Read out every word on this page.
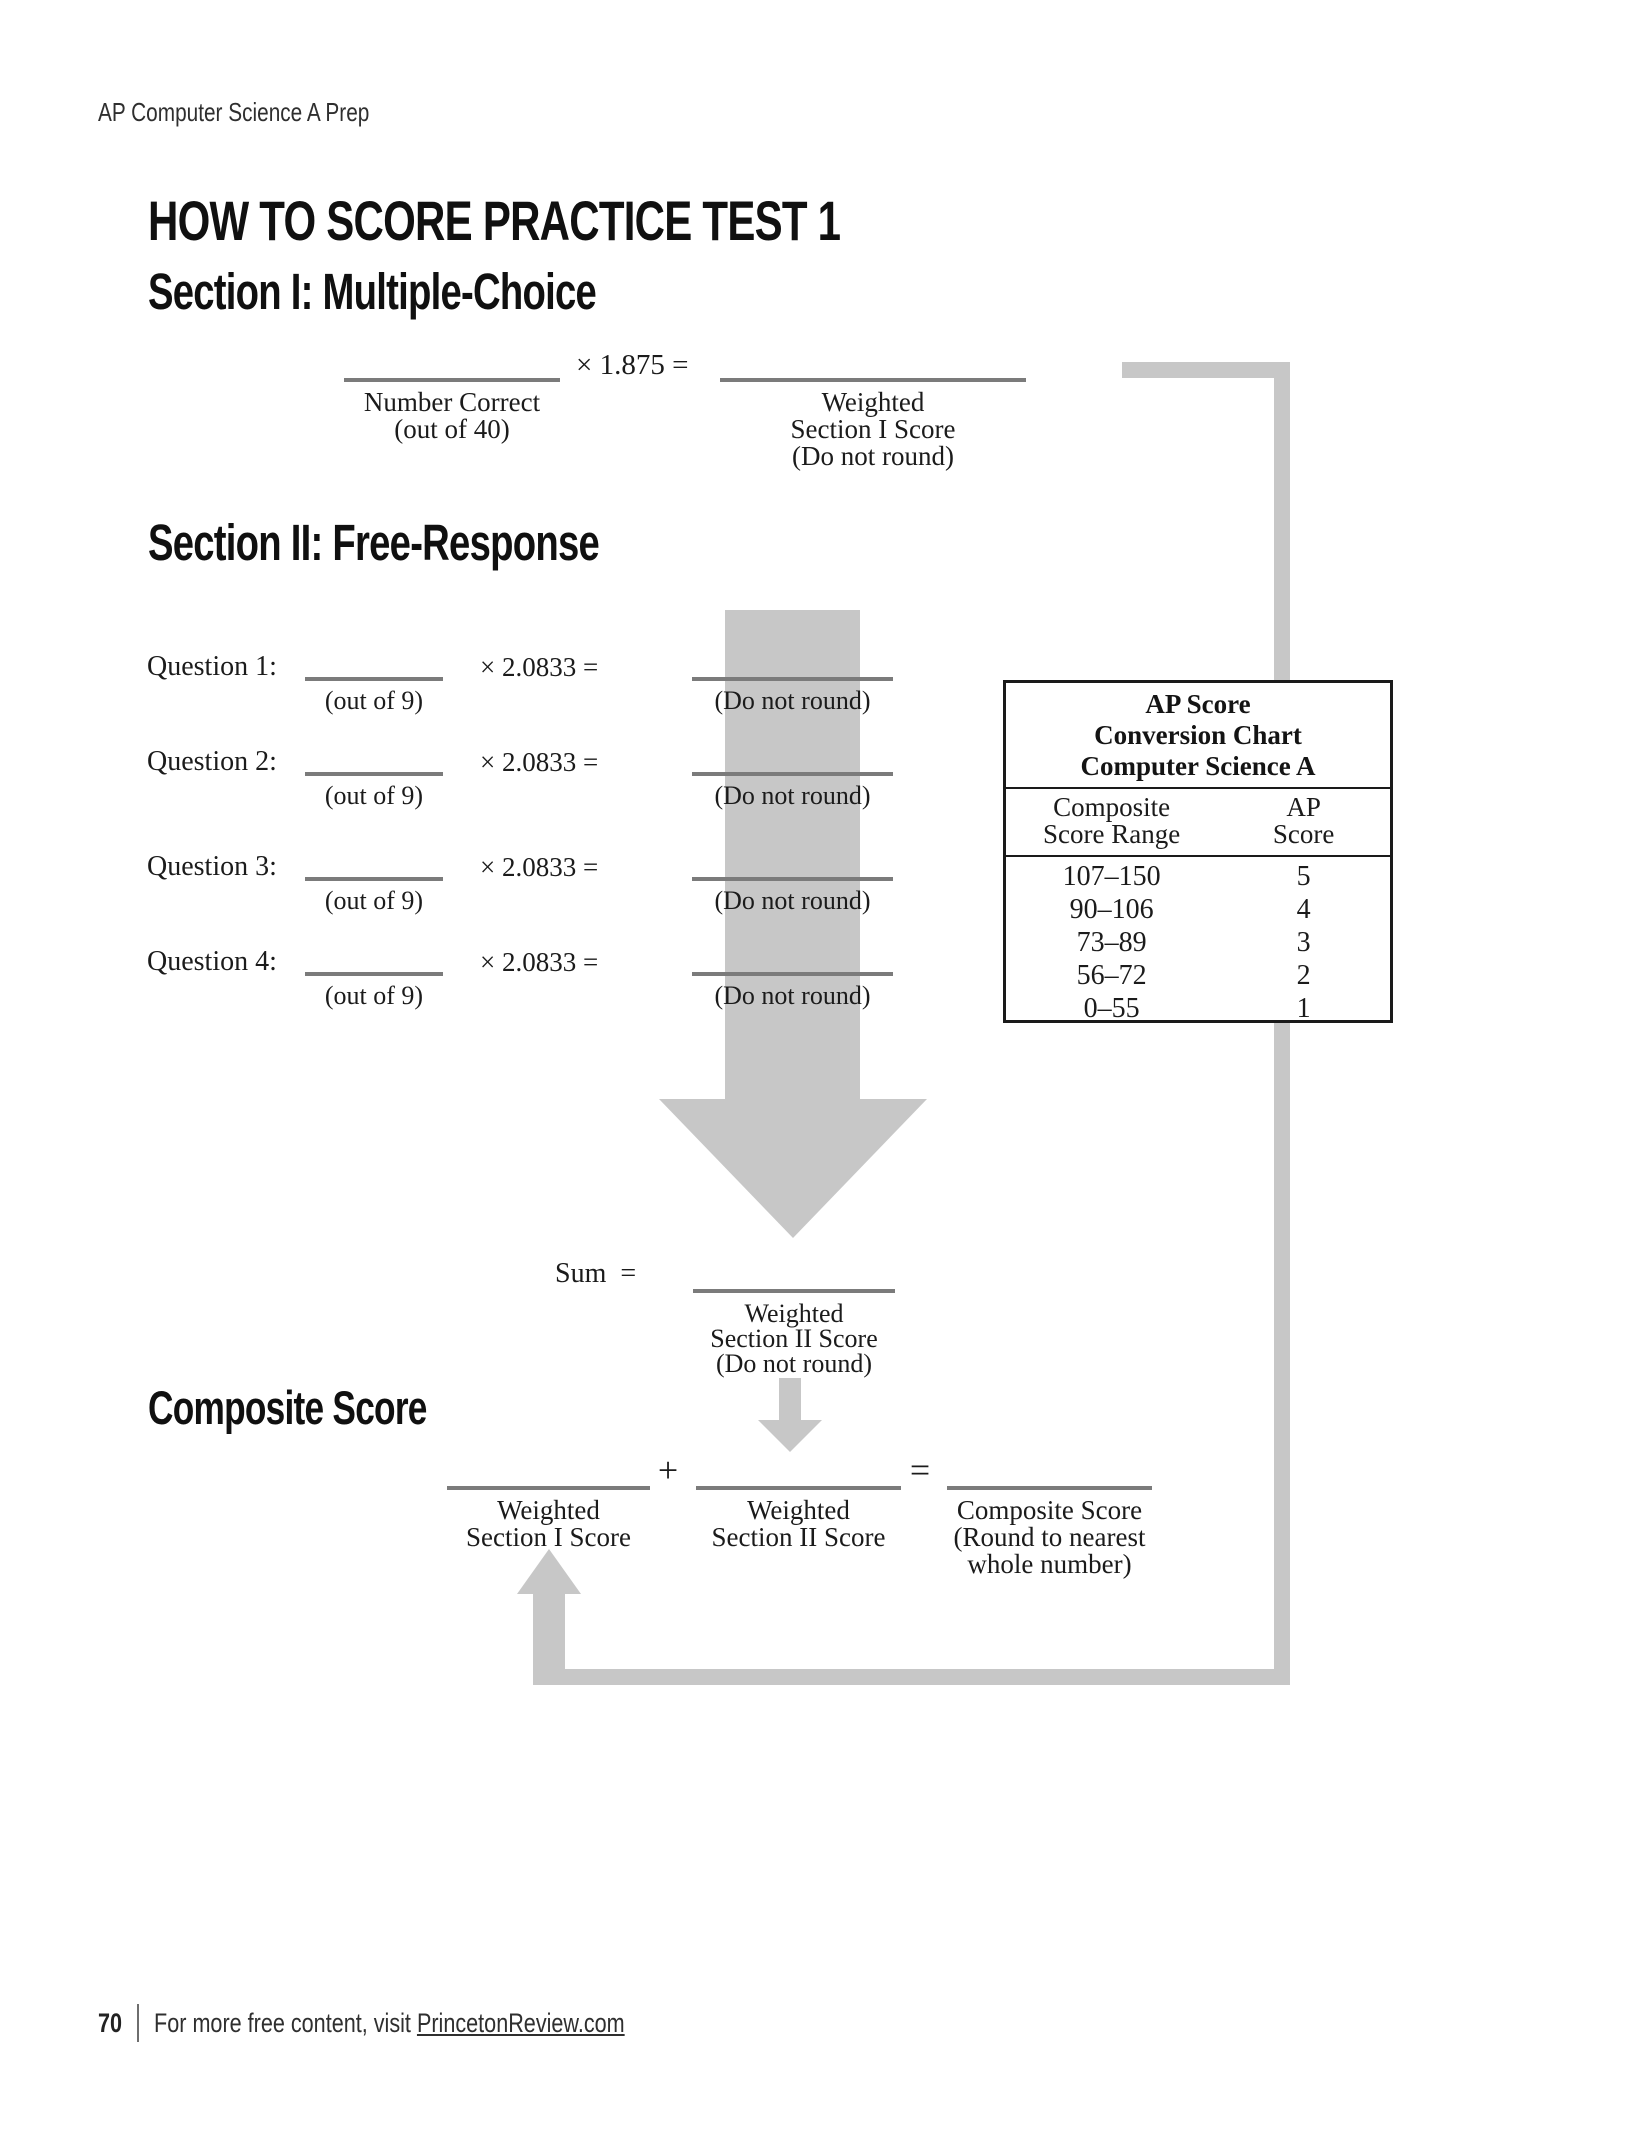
AP Computer Science A Prep
HOW TO SCORE PRACTICE TEST 1
Section I: Multiple-Choice
Number Correct
(out of 40)
× 1.875 =
Weighted
Section I Score
(Do not round)
Section II: Free-Response
Question 1:
(out of 9)
× 2.0833 =
(Do not round)
Question 2:
(out of 9)
× 2.0833 =
(Do not round)
Question 3:
(out of 9)
× 2.0833 =
(Do not round)
Question 4:
(out of 9)
× 2.0833 =
(Do not round)
AP Score
Conversion Chart
Computer Science A
Composite
Score Range
AP
Score
107–150	5
90–106	4
73–89	3
56–72	2
0–55	1
Sum =
Weighted
Section II Score
(Do not round)
Composite Score
+	=
Weighted
Section I Score
Weighted
Section II Score
Composite Score
(Round to nearest
whole number)
70 For more free content, visit PrincetonReview.com
